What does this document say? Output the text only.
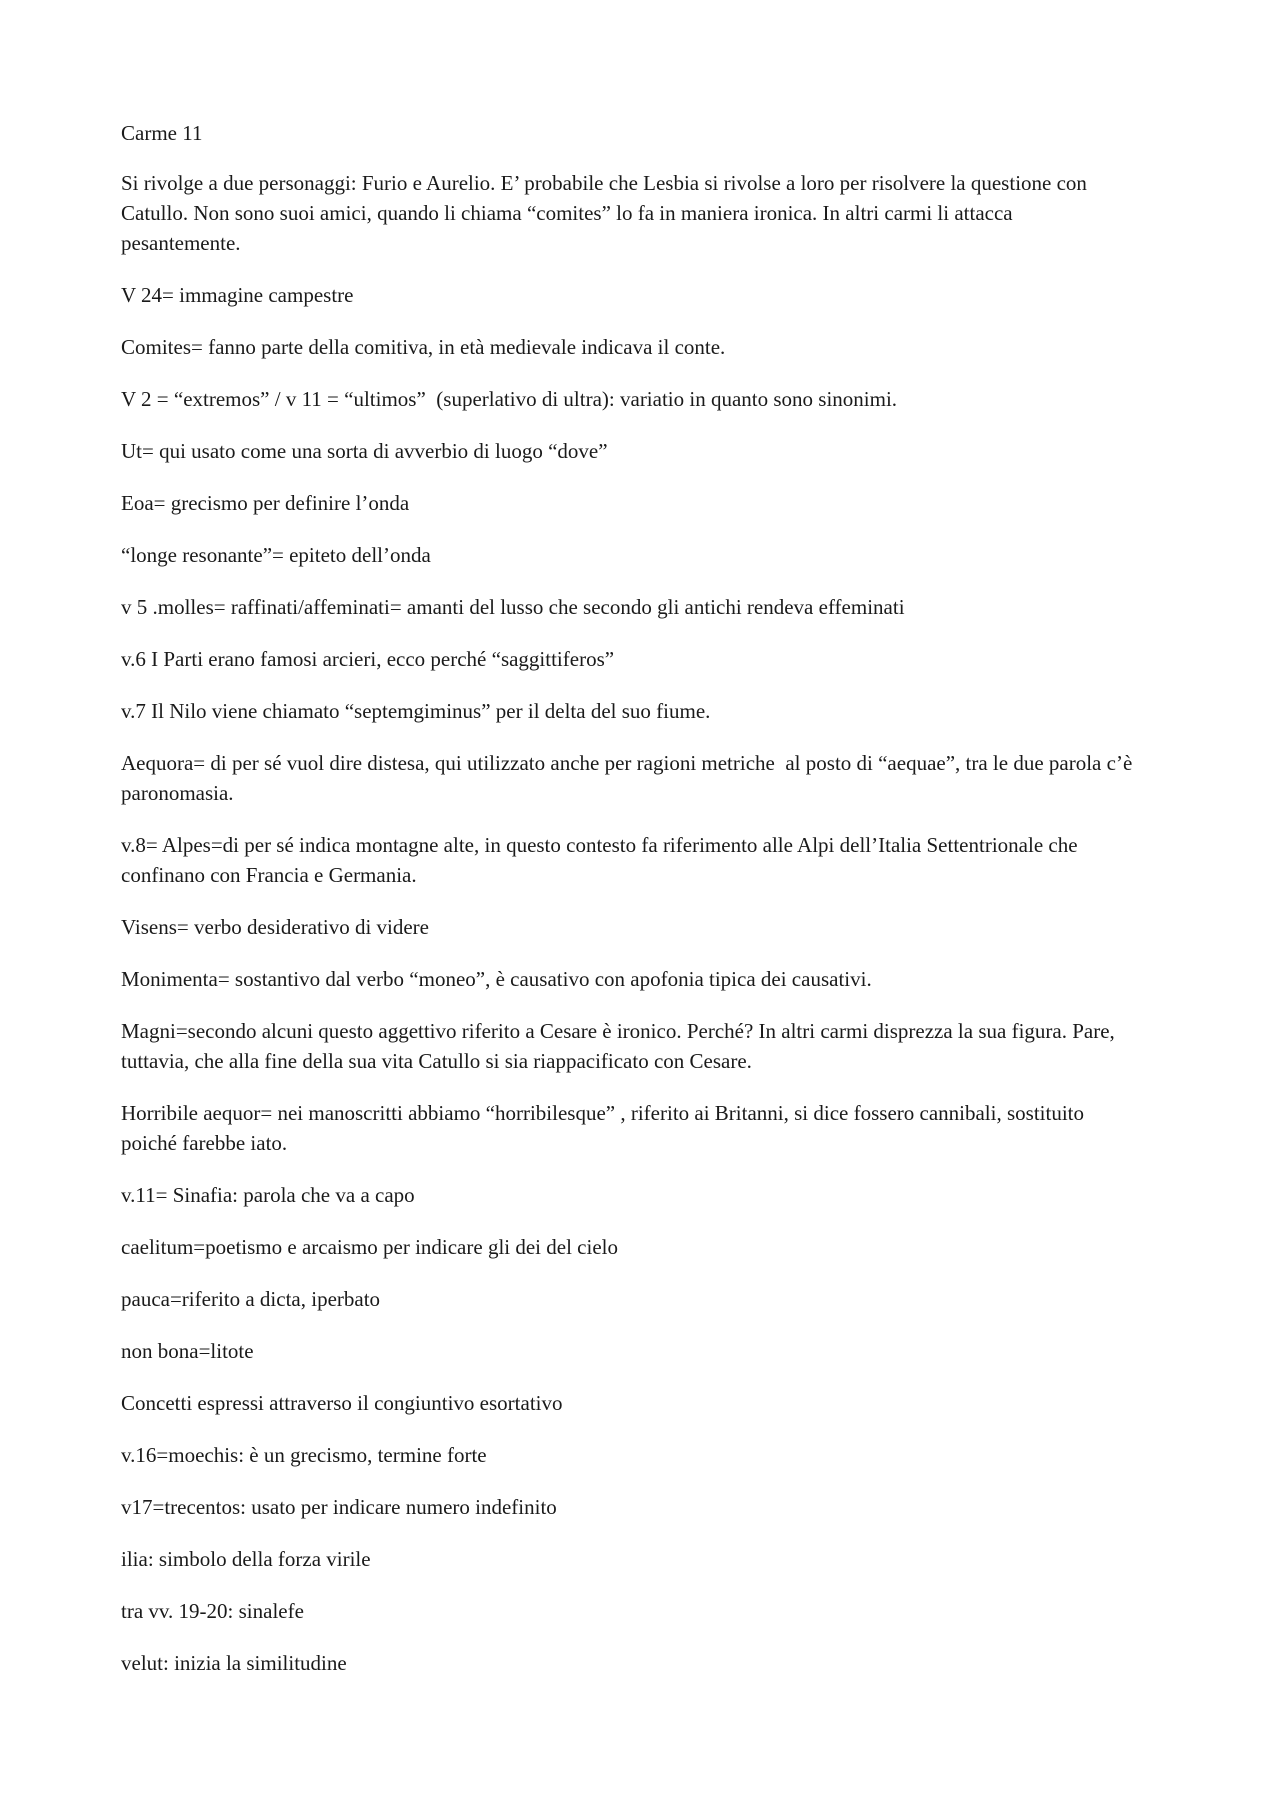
Carme 11

Si rivolge a due personaggi: Furio e Aurelio. E’ probabile che Lesbia si rivolse a loro per risolvere la questione con Catullo. Non sono suoi amici, quando li chiama “comites” lo fa in maniera ironica. In altri carmi li attacca pesantemente.

V 24= immagine campestre

Comites= fanno parte della comitiva, in età medievale indicava il conte.

V 2 = “extremos” / v 11 = “ultimos”  (superlativo di ultra): variatio in quanto sono sinonimi.

Ut= qui usato come una sorta di avverbio di luogo “dove”

Eoa= grecismo per definire l’onda

“longe resonante”= epiteto dell’onda

v 5 .molles= raffinati/affeminati= amanti del lusso che secondo gli antichi rendeva effeminati

v.6 I Parti erano famosi arcieri, ecco perché “saggittiferos”

v.7 Il Nilo viene chiamato “septemgiminus” per il delta del suo fiume.

Aequora= di per sé vuol dire distesa, qui utilizzato anche per ragioni metriche  al posto di “aequae”, tra le due parola c’è paronomasia.

v.8= Alpes=di per sé indica montagne alte, in questo contesto fa riferimento alle Alpi dell’Italia Settentrionale che confinano con Francia e Germania.

Visens= verbo desiderativo di videre

Monimenta= sostantivo dal verbo “moneo”, è causativo con apofonia tipica dei causativi.

Magni=secondo alcuni questo aggettivo riferito a Cesare è ironico. Perché? In altri carmi disprezza la sua figura. Pare, tuttavia, che alla fine della sua vita Catullo si sia riappacificato con Cesare.

Horribile aequor= nei manoscritti abbiamo “horribilesque” , riferito ai Britanni, si dice fossero cannibali, sostituito poiché farebbe iato.

v.11= Sinafia: parola che va a capo

caelitum=poetismo e arcaismo per indicare gli dei del cielo

pauca=riferito a dicta, iperbato

non bona=litote

Concetti espressi attraverso il congiuntivo esortativo

v.16=moechis: è un grecismo, termine forte

v17=trecentos: usato per indicare numero indefinito

ilia: simbolo della forza virile

tra vv. 19-20: sinalefe

velut: inizia la similitudine
